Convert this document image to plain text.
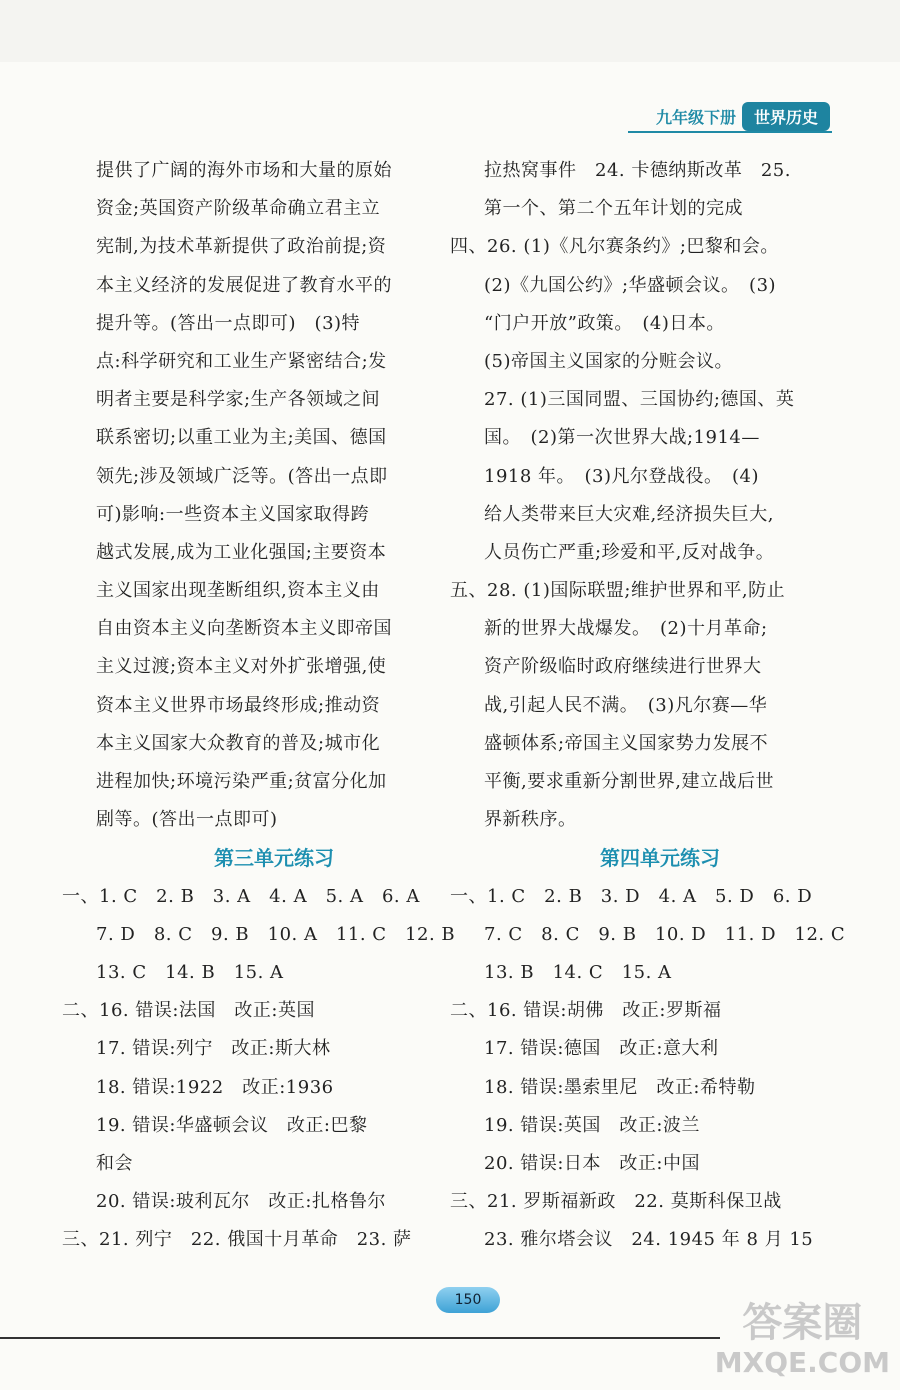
九年级下册	世界历史
提供了广阔的海外市场和大量的原始
资金;英国资产阶级革命确立君主立
宪制,为技术革新提供了政治前提;资
本主义经济的发展促进了教育水平的
提升等。(答出一点即可)　(3)特
点:科学研究和工业生产紧密结合;发
明者主要是科学家;生产各领域之间
联系密切;以重工业为主;美国、德国
领先;涉及领域广泛等。(答出一点即
可)影响:一些资本主义国家取得跨
越式发展,成为工业化强国;主要资本
主义国家出现垄断组织,资本主义由
自由资本主义向垄断资本主义即帝国
主义过渡;资本主义对外扩张增强,使
资本主义世界市场最终形成;推动资
本主义国家大众教育的普及;城市化
进程加快;环境污染严重;贫富分化加
剧等。(答出一点即可)
第三单元练习
一、1. C　2. B　3. A　4. A　5. A　6. A
7. D　8. C　9. B　10. A　11. C　12. B
13. C　14. B　15. A
二、16. 错误:法国　改正:英国
17. 错误:列宁　改正:斯大林
18. 错误:1922　改正:1936
19. 错误:华盛顿会议　改正:巴黎
和会
20. 错误:玻利瓦尔　改正:扎格鲁尔
三、21. 列宁　22. 俄国十月革命　23. 萨
拉热窝事件　24. 卡德纳斯改革　25.
第一个、第二个五年计划的完成
四、26. (1)《凡尔赛条约》;巴黎和会。
(2)《九国公约》;华盛顿会议。　(3)
“门户开放”政策。　(4)日本。
(5)帝国主义国家的分赃会议。
27. (1)三国同盟、三国协约;德国、英
国。　(2)第一次世界大战;1914—
1918 年。　(3)凡尔登战役。　(4)
给人类带来巨大灾难,经济损失巨大,
人员伤亡严重;珍爱和平,反对战争。
五、28. (1)国际联盟;维护世界和平,防止
新的世界大战爆发。　(2)十月革命;
资产阶级临时政府继续进行世界大
战,引起人民不满。　(3)凡尔赛—华
盛顿体系;帝国主义国家势力发展不
平衡,要求重新分割世界,建立战后世
界新秩序。
第四单元练习
一、1. C　2. B　3. D　4. A　5. D　6. D
7. C　8. C　9. B　10. D　11. D　12. C
13. B　14. C　15. A
二、16. 错误:胡佛　改正:罗斯福
17. 错误:德国　改正:意大利
18. 错误:墨索里尼　改正:希特勒
19. 错误:英国　改正:波兰
20. 错误:日本　改正:中国
三、21. 罗斯福新政　22. 莫斯科保卫战
23. 雅尔塔会议　24. 1945 年 8 月 15
150	答案圈
MXQE.COM
